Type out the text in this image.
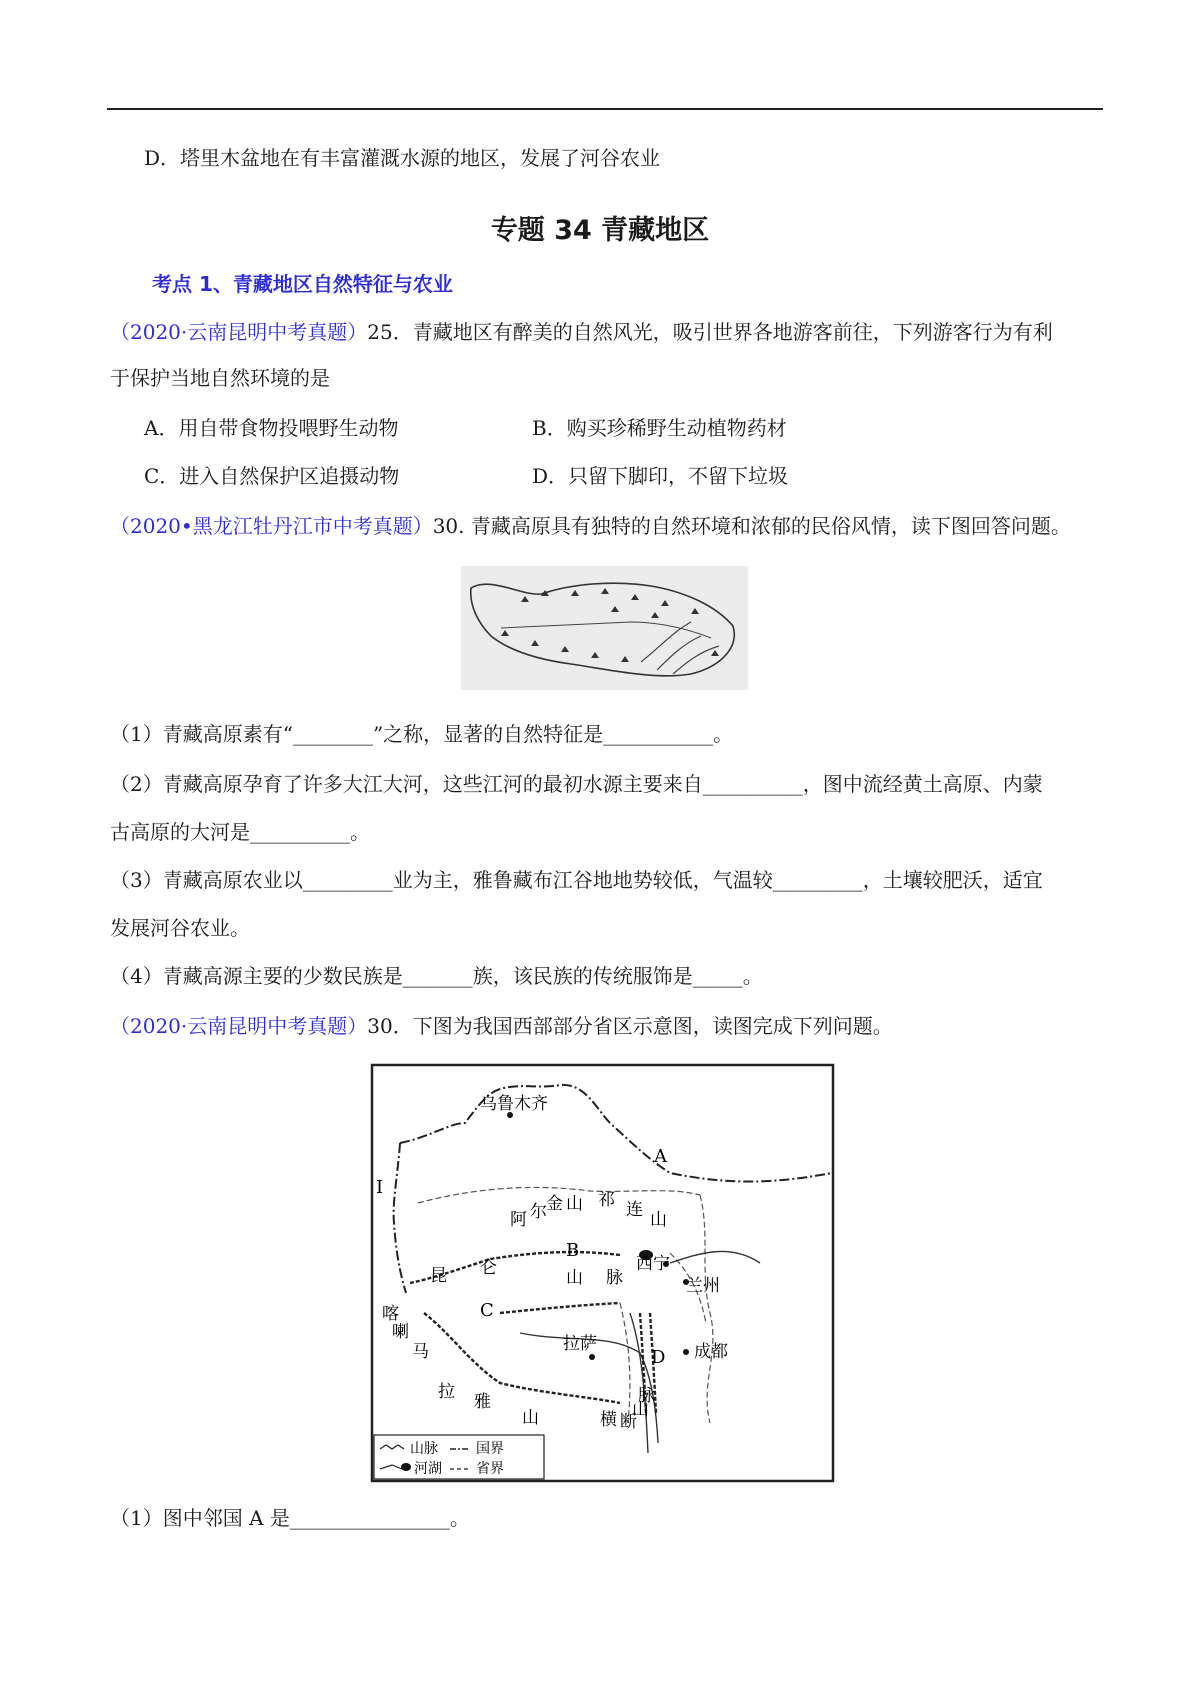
D．塔里木盆地在有丰富灌溉水源的地区，发展了河谷农业
专题 34 青藏地区
考点 1、青藏地区自然特征与农业
（2020·云南昆明中考真题）25．青藏地区有醉美的自然风光，吸引世界各地游客前往，下列游客行为有利
于保护当地自然环境的是
A．用自带食物投喂野生动物	B．购买珍稀野生动植物药材
C．进入自然保护区追摄动物	D．只留下脚印，不留下垃圾
（2020•黑龙江牡丹江市中考真题）30. 青藏高原具有独特的自然环境和浓郁的民俗风情，读下图回答问题。
（1）青藏高原素有“________”之称，显著的自然特征是___________。
（2）青藏高原孕育了许多大江大河，这些江河的最初水源主要来自__________，图中流经黄土高原、内蒙
古高原的大河是__________。
（3）青藏高原农业以_________业为主，雅鲁藏布江谷地地势较低，气温较_________，土壤较肥沃，适宜
发展河谷农业。
（4）青藏高源主要的少数民族是_______族，该民族的传统服饰是_____。
（2020·云南昆明中考真题）30．下图为我国西部部分省区示意图，读图完成下列问题。
乌鲁木齐
西宁
兰州
拉萨	成都
A
B
C
D
I
阿 尔 金 山 祁 连 山
昆 仑	山 脉
喀
喇
马
拉 雅
山	横 断
山
脉
山脉	国界
河湖 省界
（1）图中邻国 A 是________________。
